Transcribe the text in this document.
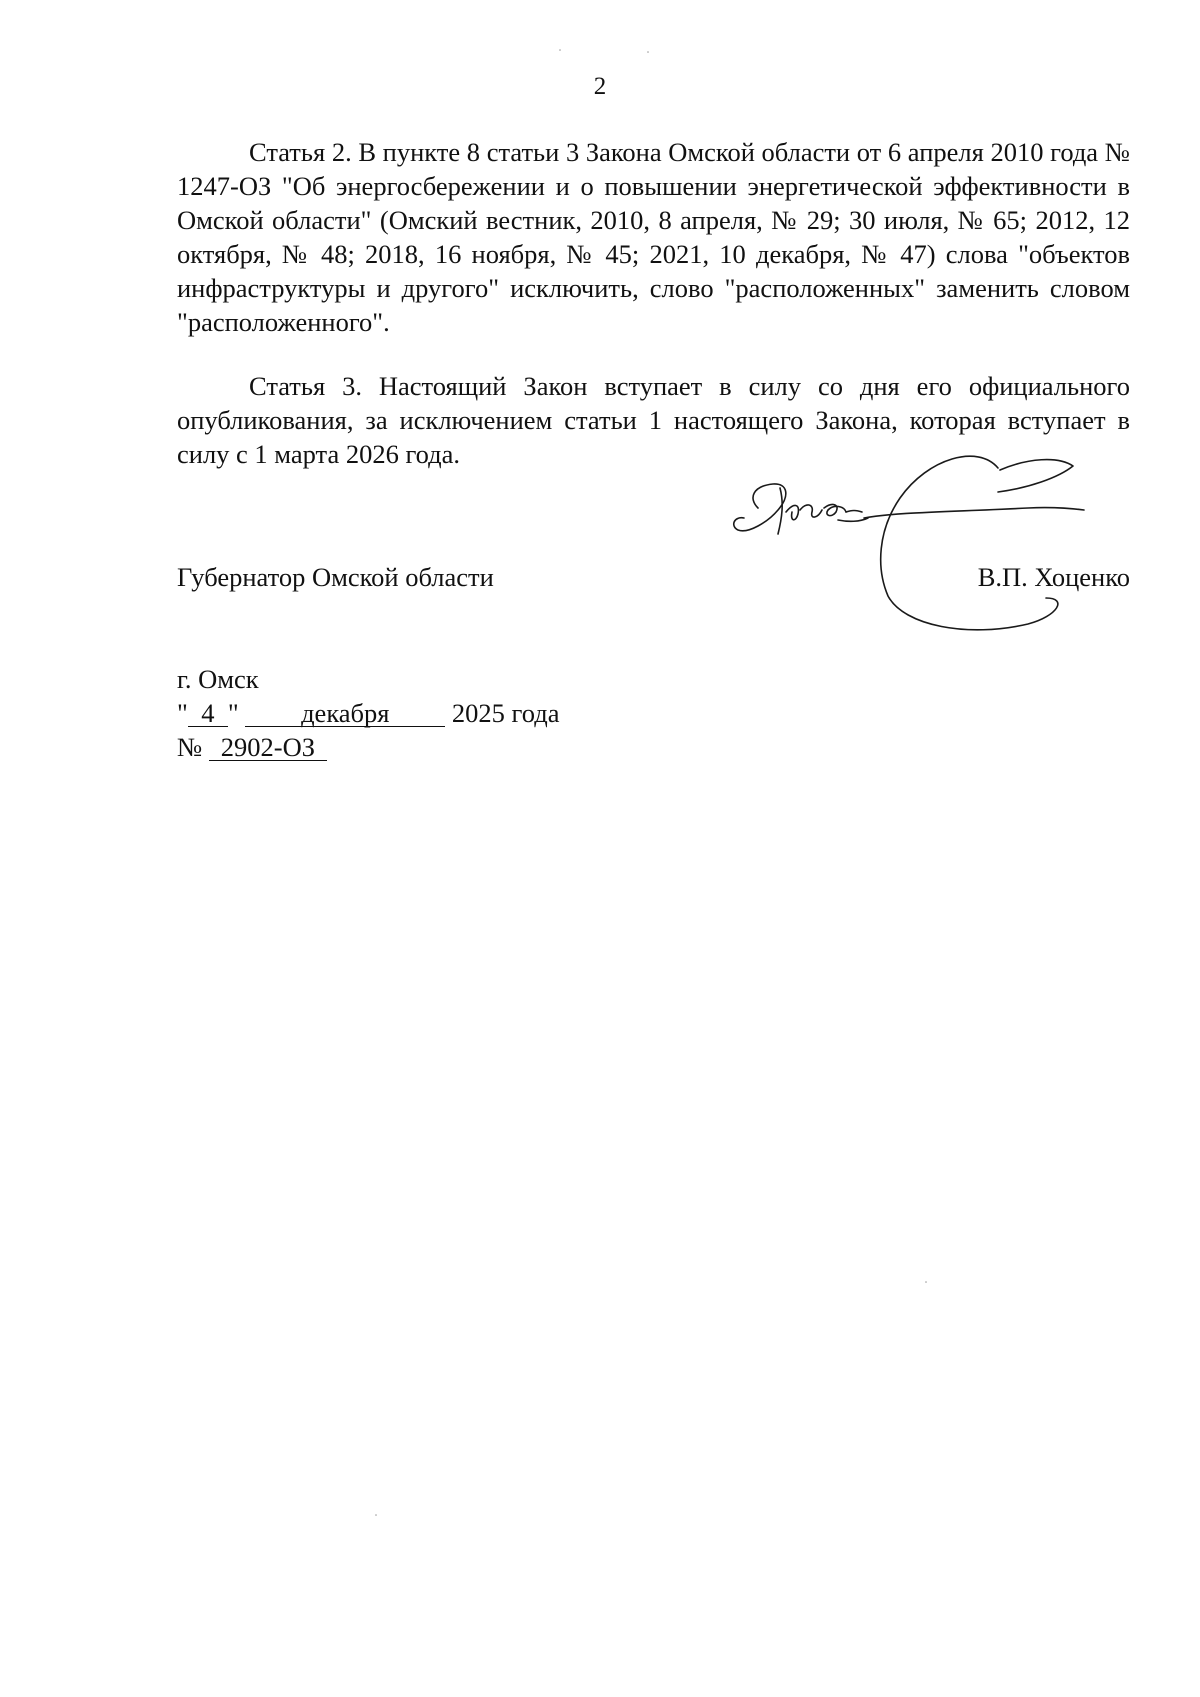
2

Статья 2. В пункте 8 статьи 3 Закона Омской области от 6 апреля 2010 года № 1247-ОЗ "Об энергосбережении и о повышении энергетической эффективности в Омской области" (Омский вестник, 2010, 8 апреля, № 29; 30 июля, № 65; 2012, 12 октября, № 48; 2018, 16 ноября, № 45; 2021, 10 декабря, № 47) слова "объектов инфраструктуры и другого" исключить, слово "расположенных" заменить словом "расположенного".

Статья 3. Настоящий Закон вступает в силу со дня его официального опубликования, за исключением статьи 1 настоящего Закона, которая вступает в силу с 1 марта 2026 года.

Губернатор Омской области	В.П. Хоценко
г. Омск
" 4 " декабря 2025 года
№ 2902-ОЗ
